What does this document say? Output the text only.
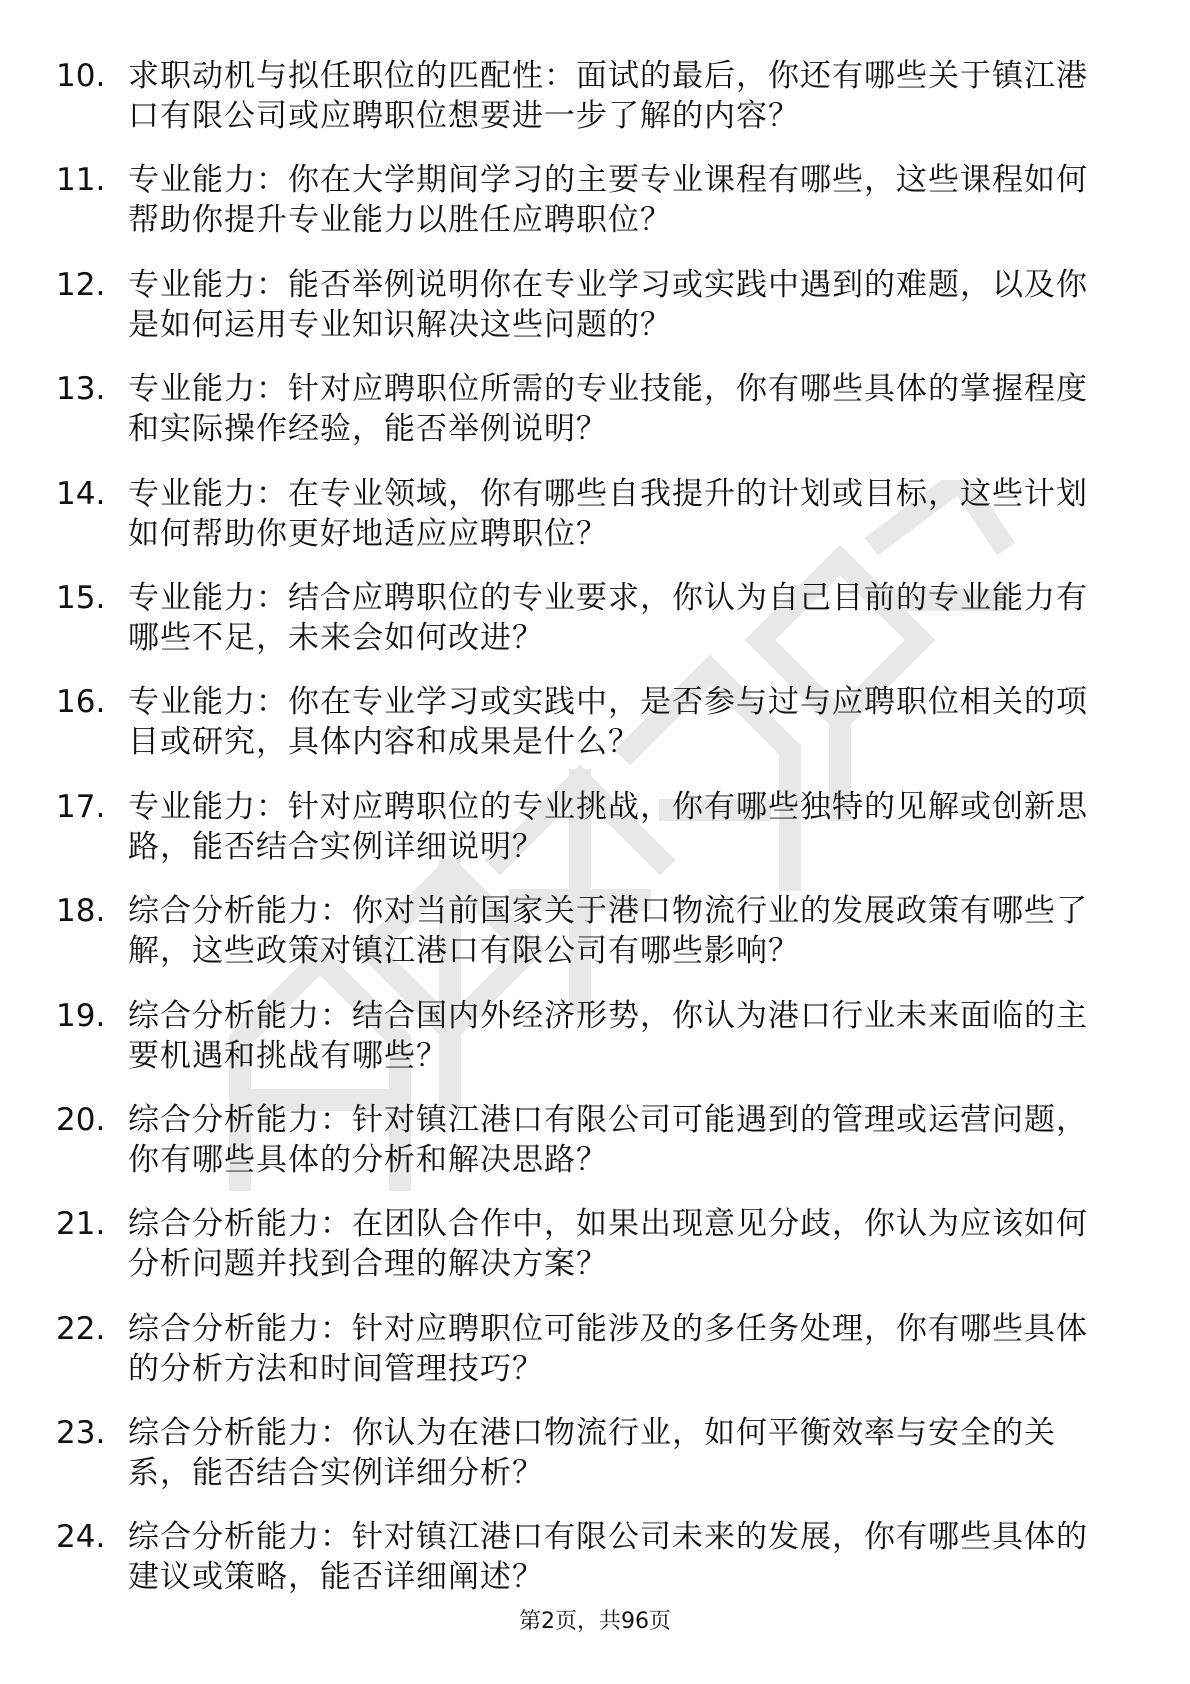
10. 求职动机与拟任职位的匹配性：面试的最后，你还有哪些关于镇江港口有限公司或应聘职位想要进一步了解的内容？
11. 专业能力：你在大学期间学习的主要专业课程有哪些，这些课程如何帮助你提升专业能力以胜任应聘职位？
12. 专业能力：能否举例说明你在专业学习或实践中遇到的难题，以及你是如何运用专业知识解决这些问题的？
13. 专业能力：针对应聘职位所需的专业技能，你有哪些具体的掌握程度和实际操作经验，能否举例说明？
14. 专业能力：在专业领域，你有哪些自我提升的计划或目标，这些计划如何帮助你更好地适应应聘职位？
15. 专业能力：结合应聘职位的专业要求，你认为自己目前的专业能力有哪些不足，未来会如何改进？
16. 专业能力：你在专业学习或实践中，是否参与过与应聘职位相关的项目或研究，具体内容和成果是什么？
17. 专业能力：针对应聘职位的专业挑战，你有哪些独特的见解或创新思路，能否结合实例详细说明？
18. 综合分析能力：你对当前国家关于港口物流行业的发展政策有哪些了解，这些政策对镇江港口有限公司有哪些影响？
19. 综合分析能力：结合国内外经济形势，你认为港口行业未来面临的主要机遇和挑战有哪些？
20. 综合分析能力：针对镇江港口有限公司可能遇到的管理或运营问题，你有哪些具体的分析和解决思路？
21. 综合分析能力：在团队合作中，如果出现意见分歧，你认为应该如何分析问题并找到合理的解决方案？
22. 综合分析能力：针对应聘职位可能涉及的多任务处理，你有哪些具体的分析方法和时间管理技巧？
23. 综合分析能力：你认为在港口物流行业，如何平衡效率与安全的关系，能否结合实例详细分析？
24. 综合分析能力：针对镇江港口有限公司未来的发展，你有哪些具体的建议或策略，能否详细阐述？
第2页，共96页
